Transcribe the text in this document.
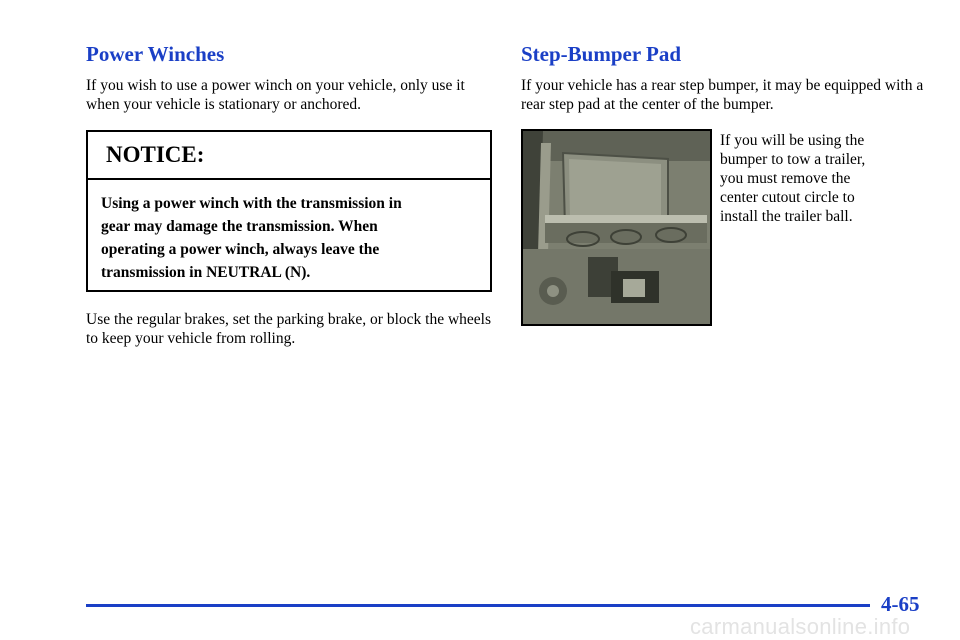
Power Winches

If you wish to use a power winch on your vehicle, only use it when your vehicle is stationary or anchored.

NOTICE:
Using a power winch with the transmission in
gear may damage the transmission. When
operating a power winch, always leave the
transmission in NEUTRAL (N).

Use the regular brakes, set the parking brake, or block the wheels to keep your vehicle from rolling.

Step-Bumper Pad

If your vehicle has a rear step bumper, it may be equipped with a rear step pad at the center of the bumper.

If you will be using the
bumper to tow a trailer,
you must remove the
center cutout circle to
install the trailer ball.
4-65
carmanualsonline.info
